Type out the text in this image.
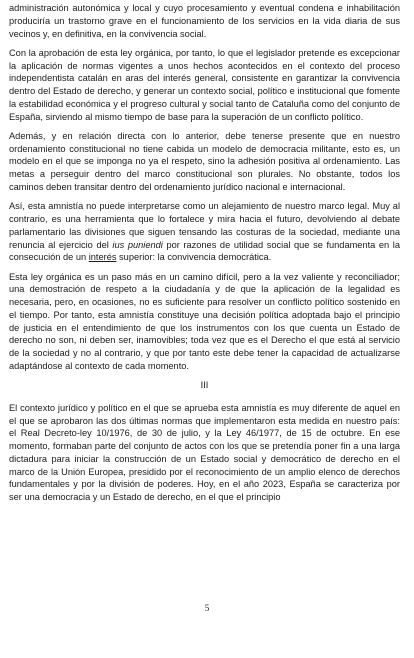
administración autonómica y local y cuyo procesamiento y eventual condena e inhabilitación produciría un trastorno grave en el funcionamiento de los servicios en la vida diaria de sus vecinos y, en definitiva, en la convivencia social.

Con la aprobación de esta ley orgánica, por tanto, lo que el legislador pretende es excepcionar la aplicación de normas vigentes a unos hechos acontecidos en el contexto del proceso independentista catalán en aras del interés general, consistente en garantizar la convivencia dentro del Estado de derecho, y generar un contexto social, político e institucional que fomente la estabilidad económica y el progreso cultural y social tanto de Cataluña como del conjunto de España, sirviendo al mismo tiempo de base para la superación de un conflicto político.

Además, y en relación directa con lo anterior, debe tenerse presente que en nuestro ordenamiento constitucional no tiene cabida un modelo de democracia militante, esto es, un modelo en el que se imponga no ya el respeto, sino la adhesión positiva al ordenamiento. Las metas a perseguir dentro del marco constitucional son plurales. No obstante, todos los caminos deben transitar dentro del ordenamiento jurídico nacional e internacional.

Así, esta amnistía no puede interpretarse como un alejamiento de nuestro marco legal. Muy al contrario, es una herramienta que lo fortalece y mira hacia el futuro, devolviendo al debate parlamentario las divisiones que siguen tensando las costuras de la sociedad, mediante una renuncia al ejercicio del ius puniendi por razones de utilidad social que se fundamenta en la consecución de un interés superior: la convivencia democrática.

Esta ley orgánica es un paso más en un camino difícil, pero a la vez valiente y reconciliador; una demostración de respeto a la ciudadanía y de que la aplicación de la legalidad es necesaria, pero, en ocasiones, no es suficiente para resolver un conflicto político sostenido en el tiempo. Por tanto, esta amnistía constituye una decisión política adoptada bajo el principio de justicia en el entendimiento de que los instrumentos con los que cuenta un Estado de derecho no son, ni deben ser, inamovibles; toda vez que es el Derecho el que está al servicio de la sociedad y no al contrario, y que por tanto este debe tener la capacidad de actualizarse adaptándose al contexto de cada momento.

III

El contexto jurídico y político en el que se aprueba esta amnistía es muy diferente de aquel en el que se aprobaron las dos últimas normas que implementaron esta medida en nuestro país: el Real Decreto-ley 10/1976, de 30 de julio, y la Ley 46/1977, de 15 de octubre. En ese momento, formaban parte del conjunto de actos con los que se pretendía poner fin a una larga dictadura para iniciar la construcción de un Estado social y democrático de derecho en el marco de la Unión Europea, presidido por el reconocimiento de un amplio elenco de derechos fundamentales y por la división de poderes. Hoy, en el año 2023, España se caracteriza por ser una democracia y un Estado de derecho, en el que el principio

5
